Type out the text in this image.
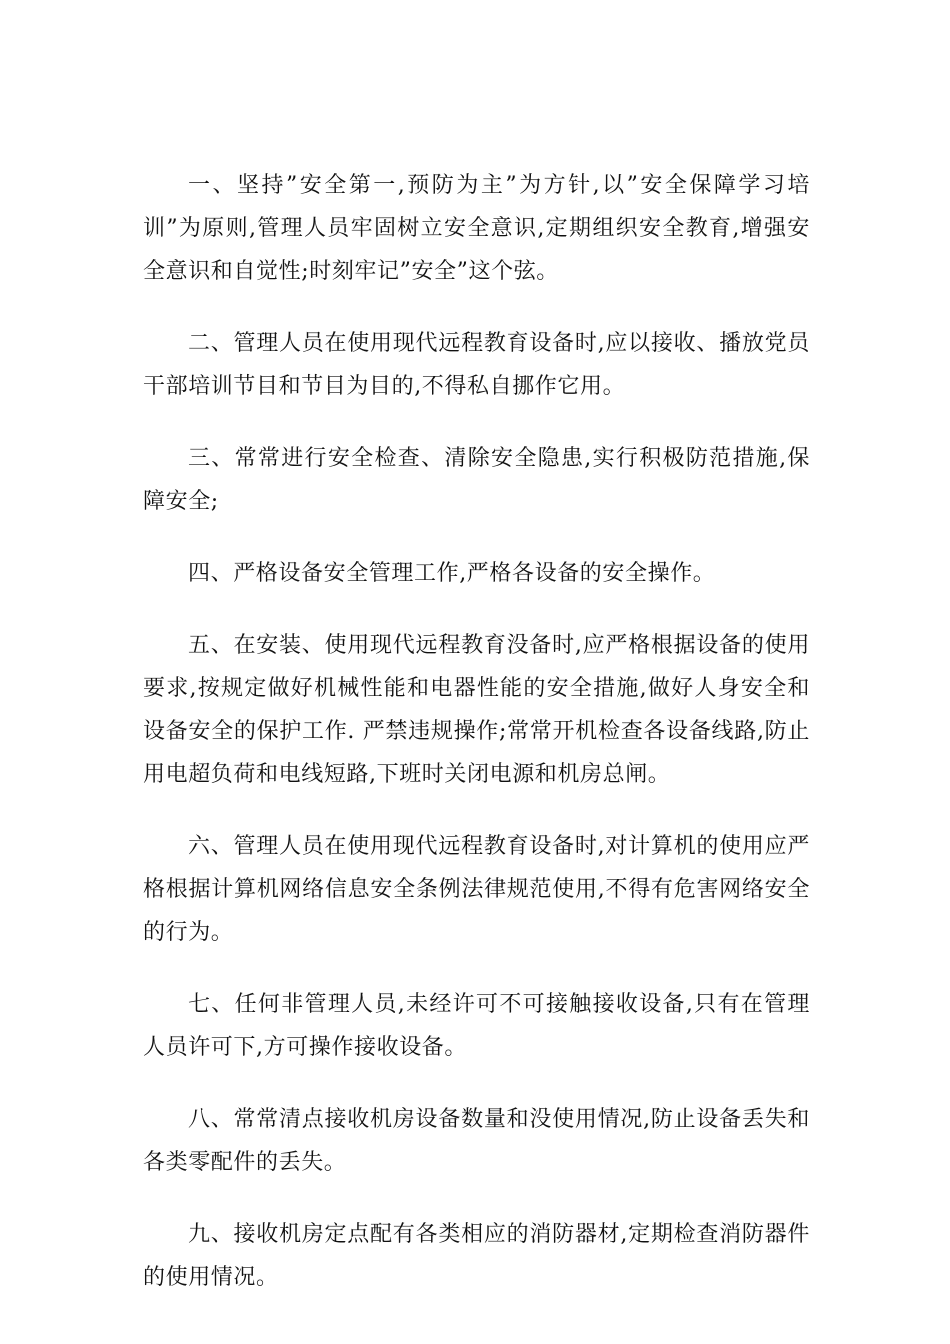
一、坚持”安全第一,预防为主”为方针,以”安全保障学习培训”为原则,管理人员牢固树立安全意识,定期组织安全教育,增强安全意识和自觉性;时刻牢记”安全”这个弦。

二、管理人员在使用现代远程教育设备时,应以接收、播放党员干部培训节目和节目为目的,不得私自挪作它用。

三、常常进行安全检查、清除安全隐患,实行积极防范措施,保障安全;

四、严格设备安全管理工作,严格各设备的安全操作。

五、在安装、使用现代远程教育没备时,应严格根据设备的使用要求,按规定做好机械性能和电器性能的安全措施,做好人身安全和设备安全的保护工作. 严禁违规操作;常常开机检查各设备线路,防止用电超负荷和电线短路,下班时关闭电源和机房总闸。

六、管理人员在使用现代远程教育设备时,对计算机的使用应严格根据计算机网络信息安全条例法律规范使用,不得有危害网络安全的行为。

七、任何非管理人员,未经许可不可接触接收设备,只有在管理人员许可下,方可操作接收设备。

八、常常清点接收机房设备数量和没使用情况,防止设备丢失和各类零配件的丢失。

九、接收机房定点配有各类相应的消防器材,定期检查消防器件的使用情况。
